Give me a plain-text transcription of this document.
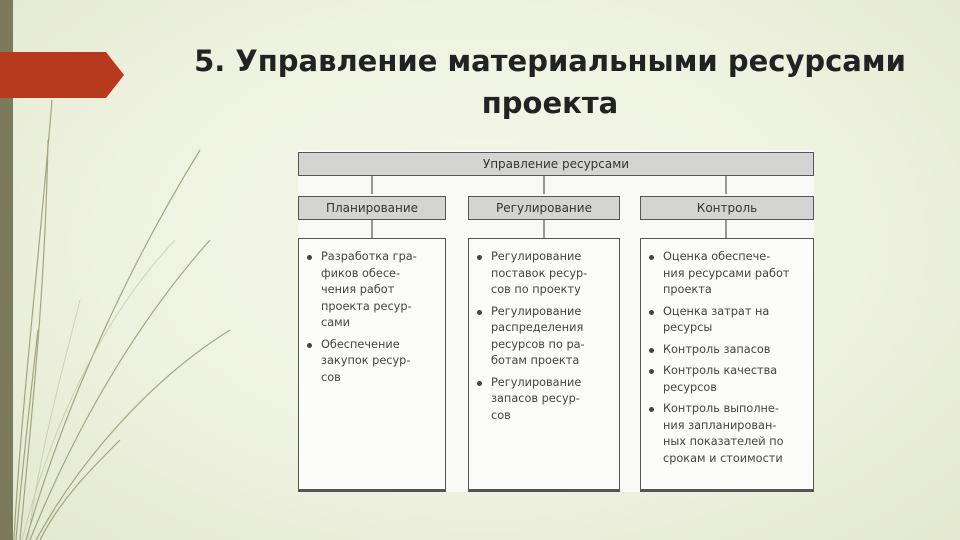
5. Управление материальными ресурсами
проекта
Управление ресурсами
Планирование	Регулирование	Контроль
Разработка гра-
фиков обесе-
чения работ
проекта ресур-
сами
Обеспечение
закупок ресур-
сов
Регулирование
поставок ресур-
сов по проекту
Регулирование
распределения
ресурсов по ра-
ботам проекта
Регулирование
запасов ресур-
сов
Оценка обеспече-
ния ресурсами работ
проекта
Оценка затрат на
ресурсы
Контроль запасов
Контроль качества
ресурсов
Контроль выполне-
ния запланирован-
ных показателей по
срокам и стоимости
